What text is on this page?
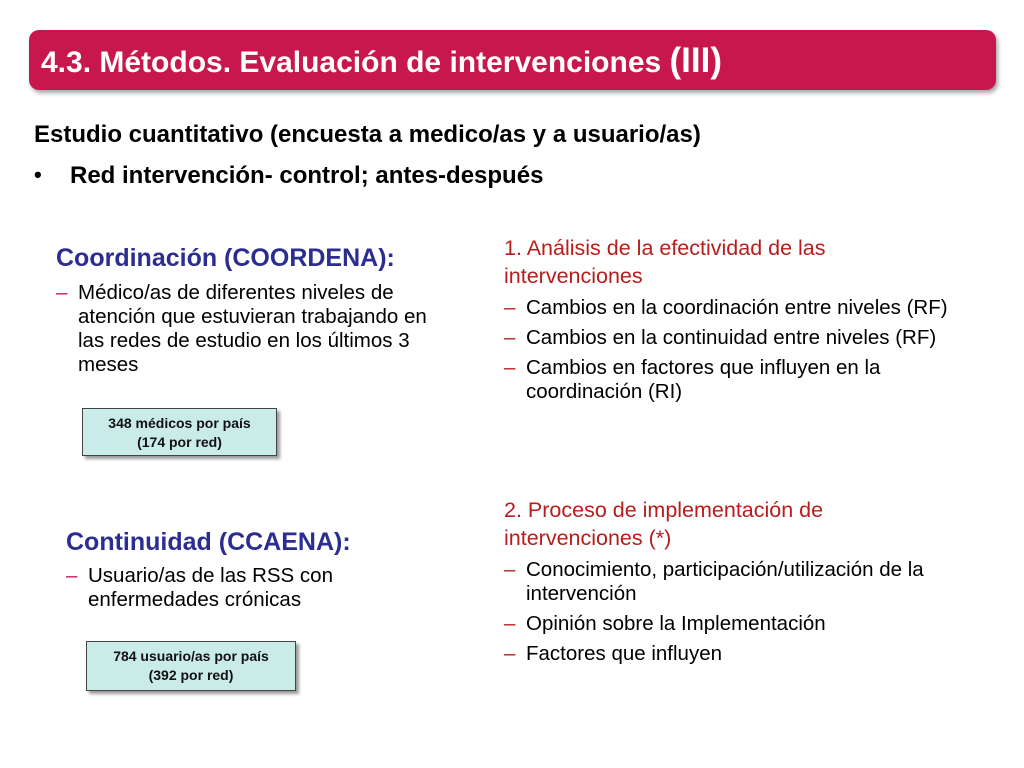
4.3. Métodos. Evaluación de intervenciones (III)
Estudio cuantitativo (encuesta a medico/as y a usuario/as)
• Red intervención- control; antes-después
Coordinación (COORDENA):
– Médico/as de diferentes niveles de atención que estuvieran trabajando en las redes de estudio en los últimos 3 meses
348 médicos por país
(174 por red)
Continuidad (CCAENA):
– Usuario/as de las RSS con enfermedades crónicas
784 usuario/as por país
(392 por red)
1. Análisis de la efectividad de las intervenciones
– Cambios en la coordinación entre niveles (RF)
– Cambios en la continuidad entre niveles (RF)
– Cambios en factores que influyen en la coordinación (RI)
2. Proceso de implementación de intervenciones (*)
– Conocimiento, participación/utilización de la intervención
– Opinión sobre la Implementación
– Factores que influyen
